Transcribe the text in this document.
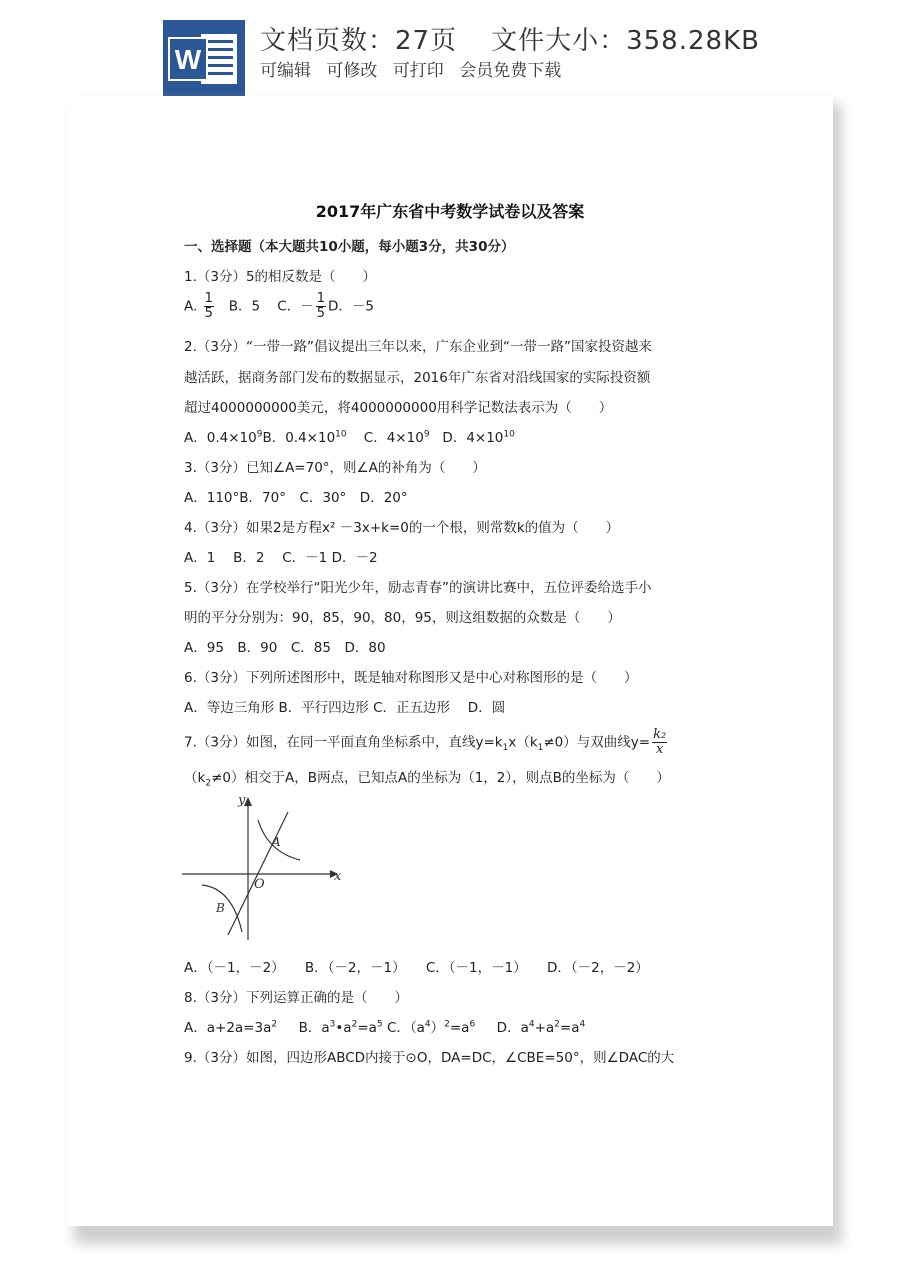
W
文档页数：27页 文件大小：358.28KB
可编辑 可修改 可打印 会员免费下载
2017年广东省中考数学试卷以及答案
一、选择题（本大题共10小题，每小题3分，共30分）
1.（3分）5的相反数是（　　）
A. $\frac{1}{5}$ B．5 C．－ $\frac{1}{5}$ D．－5
2.（3分）“一带一路”倡议提出三年以来，广东企业到“一带一路”国家投资越来
越活跃，据商务部门发布的数据显示，2016年广东省对沿线国家的实际投资额
超过4000000000美元，将4000000000用科学记数法表示为（　　）
A．$0.4\times 10^9B$．$0.4\times 10^{10}$ C．$4\times 10^9$ D．$4\times 10^{10}$
3.（3分）已知∠A=70°，则∠A的补角为（　　）
A．110°B．70°　C．30°　D．20°
4.（3分）如果2是方程x² －3x+k=0的一个根，则常数k的值为（　　）
A．1　 B．2　 C．－1 D．－2
5.（3分）在学校举行“阳光少年，励志青春”的演讲比赛中，五位评委给选手小
明的平分分别为：90，85，90，80，95，则这组数据的众数是（　　）
A．95　B．90　C．85　D．80
6.（3分）下列所述图形中，既是轴对称图形又是中心对称图形的是（　　）
A．等边三角形 B．平行四边形 C．正五边形　 D．圆
7.（3分）如图，在同一平面直角坐标系中，直线$y=k_1x(k_1\ne 0)$与双曲线$y= \frac{\text{k₂}}{x}$
$(k_2\ne 0)$相交于A，B两点，已知点A的坐标为（1，2），则点B的坐标为（　　）
y
x
O
A
B
A．（－1，－2）　　B．（－2，－1）　　C．（－1，－1）　　D．（－2，－2）
8.（3分）下列运算正确的是（　　）
A．$a+2a=3a^2$ B．$a^3•a^2=a^5$ C．$(a^4)^2=a^6$ D．$a^4+a^2=a^4$
9.（3分）如图，四边形ABCD内接于⊙O，DA=DC，∠CBE=50°，则∠DAC的大
